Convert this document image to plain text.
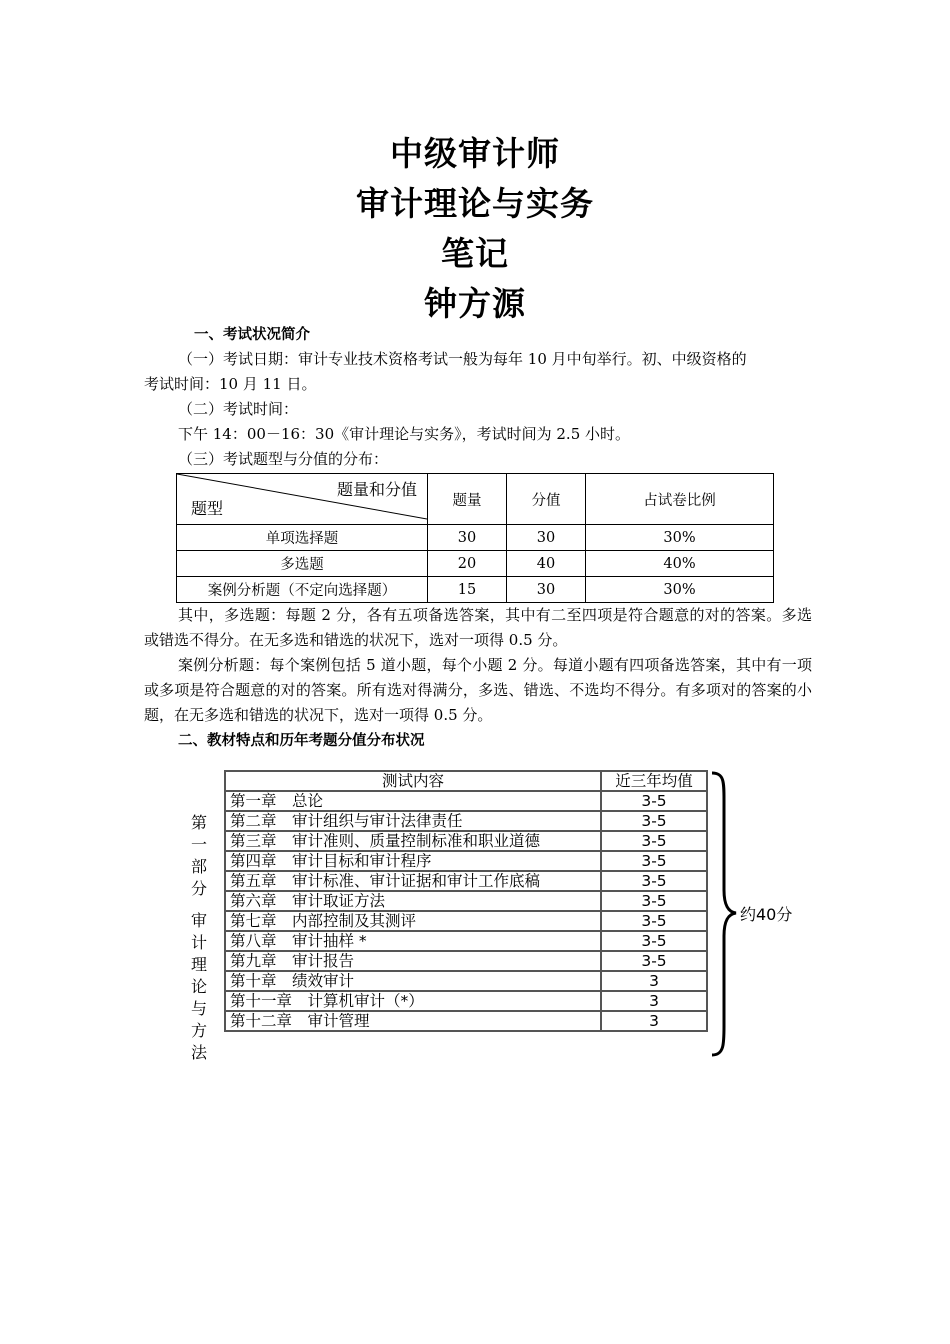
中级审计师
审计理论与实务
笔记
钟方源
一、考试状况简介
（一）考试日期：审计专业技术资格考试一般为每年 10 月中旬举行。初、中级资格的
考试时间：10 月 11 日。
（二）考试时间：
下午 14：00－16：30《审计理论与实务》，考试时间为 2.5 小时。
（三）考试题型与分值的分布：
题量和分值
题型	题量	分值	占试卷比例
单项选择题	30	30	30%
多选题	20	40	40%
案例分析题（不定向选择题）	15	30	30%
其中，多选题：每题 2 分，各有五项备选答案，其中有二至四项是符合题意的对的答案。多选或错选不得分。在无多选和错选的状况下，选对一项得 0.5 分。
案例分析题：每个案例包括 5 道小题，每个小题 2 分。每道小题有四项备选答案，其中有一项或多项是符合题意的对的答案。所有选对得满分，多选、错选、不选均不得分。有多项对的答案的小题，在无多选和错选的状况下，选对一项得 0.5 分。
二、教材特点和历年考题分值分布状况
测试内容	近三年均值
第一章　总论	3-5
第二章　审计组织与审计法律责任	3-5
第三章　审计准则、质量控制标准和职业道德	3-5
第四章　审计目标和审计程序	3-5
第五章　审计标准、审计证据和审计工作底稿	3-5
第六章　审计取证方法	3-5
第七章　内部控制及其测评	3-5
第八章　审计抽样 *	3-5
第九章　审计报告	3-5
第十章　绩效审计	3
第十一章　计算机审计（*）	3
第十二章　审计管理	3
第
一
部
分
审
计
理
论
与
方
法
约40分
